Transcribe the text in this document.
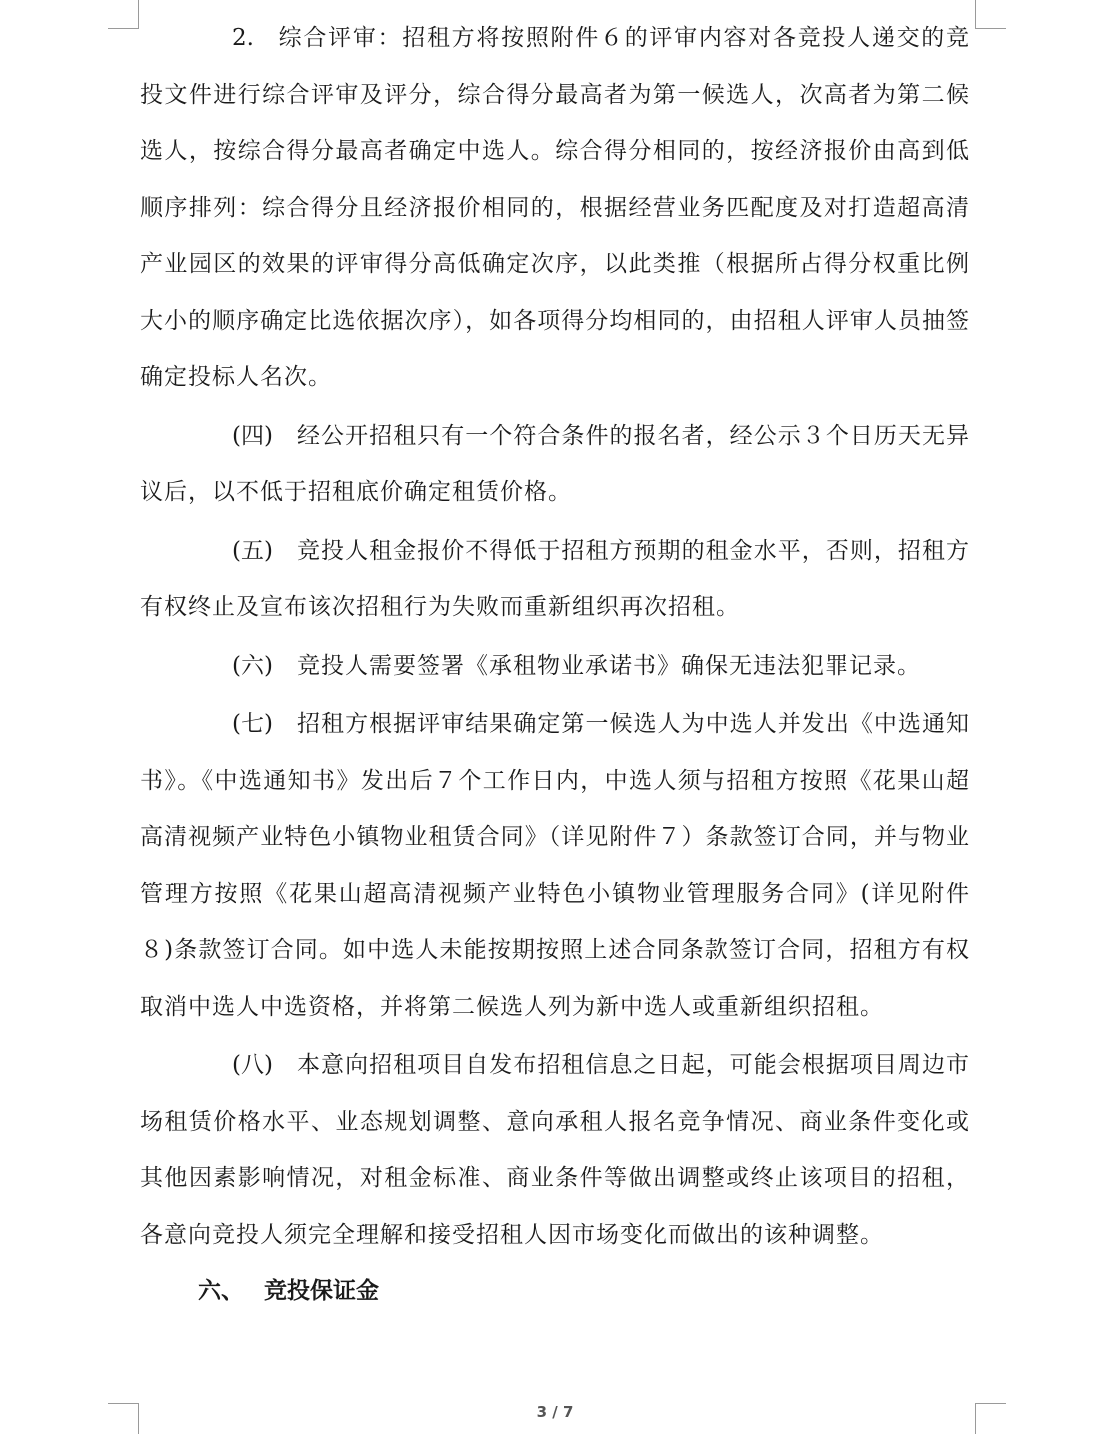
2. 综合评审：招租方将按照附件６的评审内容对各竞投人递交的竞投文件进行综合评审及评分，综合得分最高者为第一候选人，次高者为第二候选人，按综合得分最高者确定中选人。综合得分相同的，按经济报价由高到低顺序排列：综合得分且经济报价相同的，根据经营业务匹配度及对打造超高清产业园区的效果的评审得分高低确定次序，以此类推（根据所占得分权重比例大小的顺序确定比选依据次序），如各项得分均相同的，由招租人评审人员抽签确定投标人名次。

(四) 经公开招租只有一个符合条件的报名者，经公示３个日历天无异议后，以不低于招租底价确定租赁价格。

(五) 竞投人租金报价不得低于招租方预期的租金水平，否则，招租方有权终止及宣布该次招租行为失败而重新组织再次招租。

(六) 竞投人需要签署《承租物业承诺书》确保无违法犯罪记录。

(七) 招租方根据评审结果确定第一候选人为中选人并发出《中选通知书》。《中选通知书》发出后７个工作日内，中选人须与招租方按照《花果山超高清视频产业特色小镇物业租赁合同》（详见附件７）条款签订合同，并与物业管理方按照《花果山超高清视频产业特色小镇物业管理服务合同》(详见附件８)条款签订合同。如中选人未能按期按照上述合同条款签订合同，招租方有权取消中选人中选资格，并将第二候选人列为新中选人或重新组织招租。

(八) 本意向招租项目自发布招租信息之日起，可能会根据项目周边市场租赁价格水平、业态规划调整、意向承租人报名竞争情况、商业条件变化或其他因素影响情况，对租金标准、商业条件等做出调整或终止该项目的招租，各意向竞投人须完全理解和接受招租人因市场变化而做出的该种调整。

六、 竞投保证金
3 / 7
